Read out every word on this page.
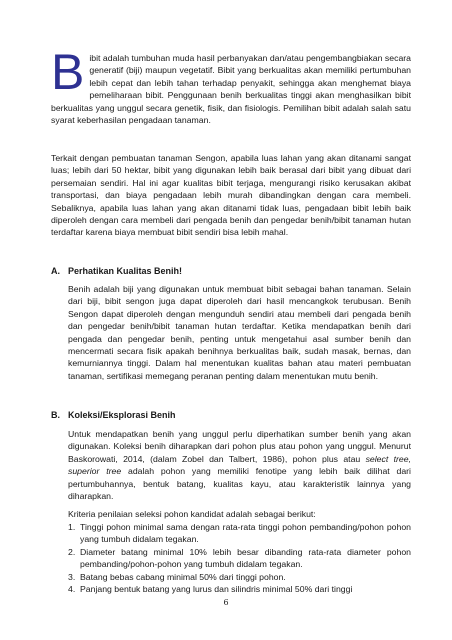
Bibit adalah tumbuhan muda hasil perbanyakan dan/atau pengembangbiakan secara generatif (biji) maupun vegetatif. Bibit yang berkualitas akan memiliki pertumbuhan lebih cepat dan lebih tahan terhadap penyakit, sehingga akan menghemat biaya pemeliharaan bibit. Penggunaan benih berkualitas tinggi akan menghasilkan bibit berkualitas yang unggul secara genetik, fisik, dan fisiologis. Pemilihan bibit adalah salah satu syarat keberhasilan pengadaan tanaman.

Terkait dengan pembuatan tanaman Sengon, apabila luas lahan yang akan ditanami sangat luas; lebih dari 50 hektar, bibit yang digunakan lebih baik berasal dari bibit yang dibuat dari persemaian sendiri. Hal ini agar kualitas bibit terjaga, mengurangi risiko kerusakan akibat transportasi, dan biaya pengadaan lebih murah dibandingkan dengan cara membeli. Sebaliknya, apabila luas lahan yang akan ditanami tidak luas, pengadaan bibit lebih baik diperoleh dengan cara membeli dari pengada benih dan pengedar benih/bibit tanaman hutan terdaftar karena biaya membuat bibit sendiri bisa lebih mahal.

A. Perhatikan Kualitas Benih!

Benih adalah biji yang digunakan untuk membuat bibit sebagai bahan tanaman. Selain dari biji, bibit sengon juga dapat diperoleh dari hasil mencangkok terubusan. Benih Sengon dapat diperoleh dengan mengunduh sendiri atau membeli dari pengada benih dan pengedar benih/bibit tanaman hutan terdaftar. Ketika mendapatkan benih dari pengada dan pengedar benih, penting untuk mengetahui asal sumber benih dan mencermati secara fisik apakah benihnya berkualitas baik, sudah masak, bernas, dan kemurniannya tinggi. Dalam hal menentukan kualitas bahan atau materi pembuatan tanaman, sertifikasi memegang peranan penting dalam menentukan mutu benih.

B. Koleksi/Eksplorasi Benih

Untuk mendapatkan benih yang unggul perlu diperhatikan sumber benih yang akan digunakan. Koleksi benih diharapkan dari pohon plus atau pohon yang unggul. Menurut Baskorowati, 2014, (dalam Zobel dan Talbert, 1986), pohon plus atau select tree, superior tree adalah pohon yang memiliki fenotipe yang lebih baik dilihat dari pertumbuhannya, bentuk batang, kualitas kayu, atau karakteristik lainnya yang diharapkan.

Kriteria penilaian seleksi pohon kandidat adalah sebagai berikut:

1. Tinggi pohon minimal sama dengan rata-rata tinggi pohon pembanding/pohon pohon yang tumbuh didalam tegakan.
2. Diameter batang minimal 10% lebih besar dibanding rata-rata diameter pohon pembanding/pohon-pohon yang tumbuh didalam tegakan.
3. Batang bebas cabang minimal 50% dari tinggi pohon.
4. Panjang bentuk batang yang lurus dan silindris minimal 50% dari tinggi
6
